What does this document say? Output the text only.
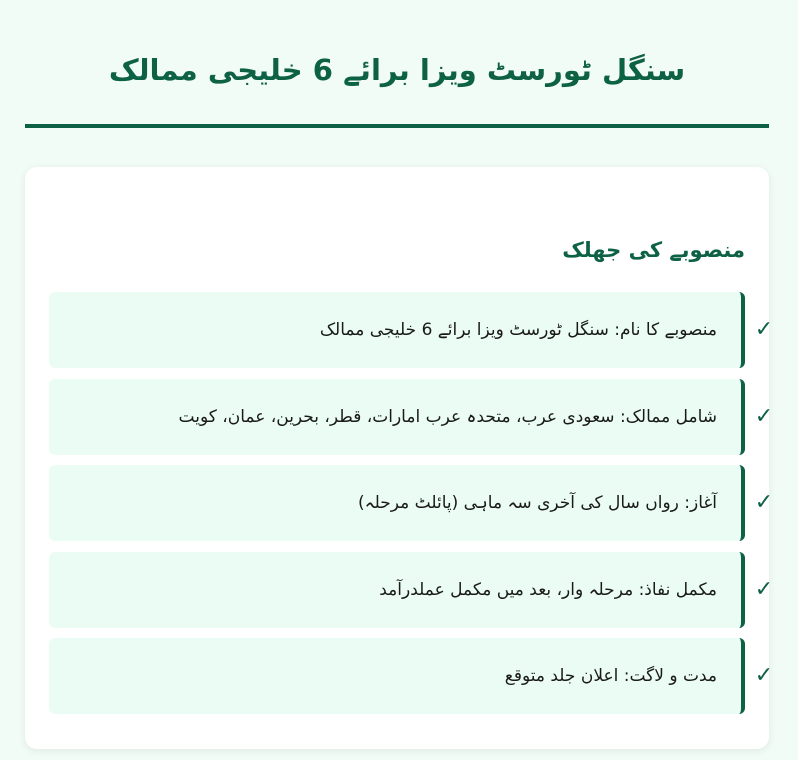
سنگل ٹورسٹ ویزا برائے 6 خلیجی ممالک
منصوبے کی جھلک
✓
منصوبے کا نام: سنگل ٹورسٹ ویزا برائے 6 خلیجی ممالک
✓
شامل ممالک: سعودی عرب، متحدہ عرب امارات، قطر، بحرین، عمان، کویت
✓
آغاز: رواں سال کی آخری سہ ماہی (پائلٹ مرحلہ)
✓
مکمل نفاذ: مرحلہ وار، بعد میں مکمل عملدرآمد
✓
مدت و لاگت: اعلان جلد متوقع
